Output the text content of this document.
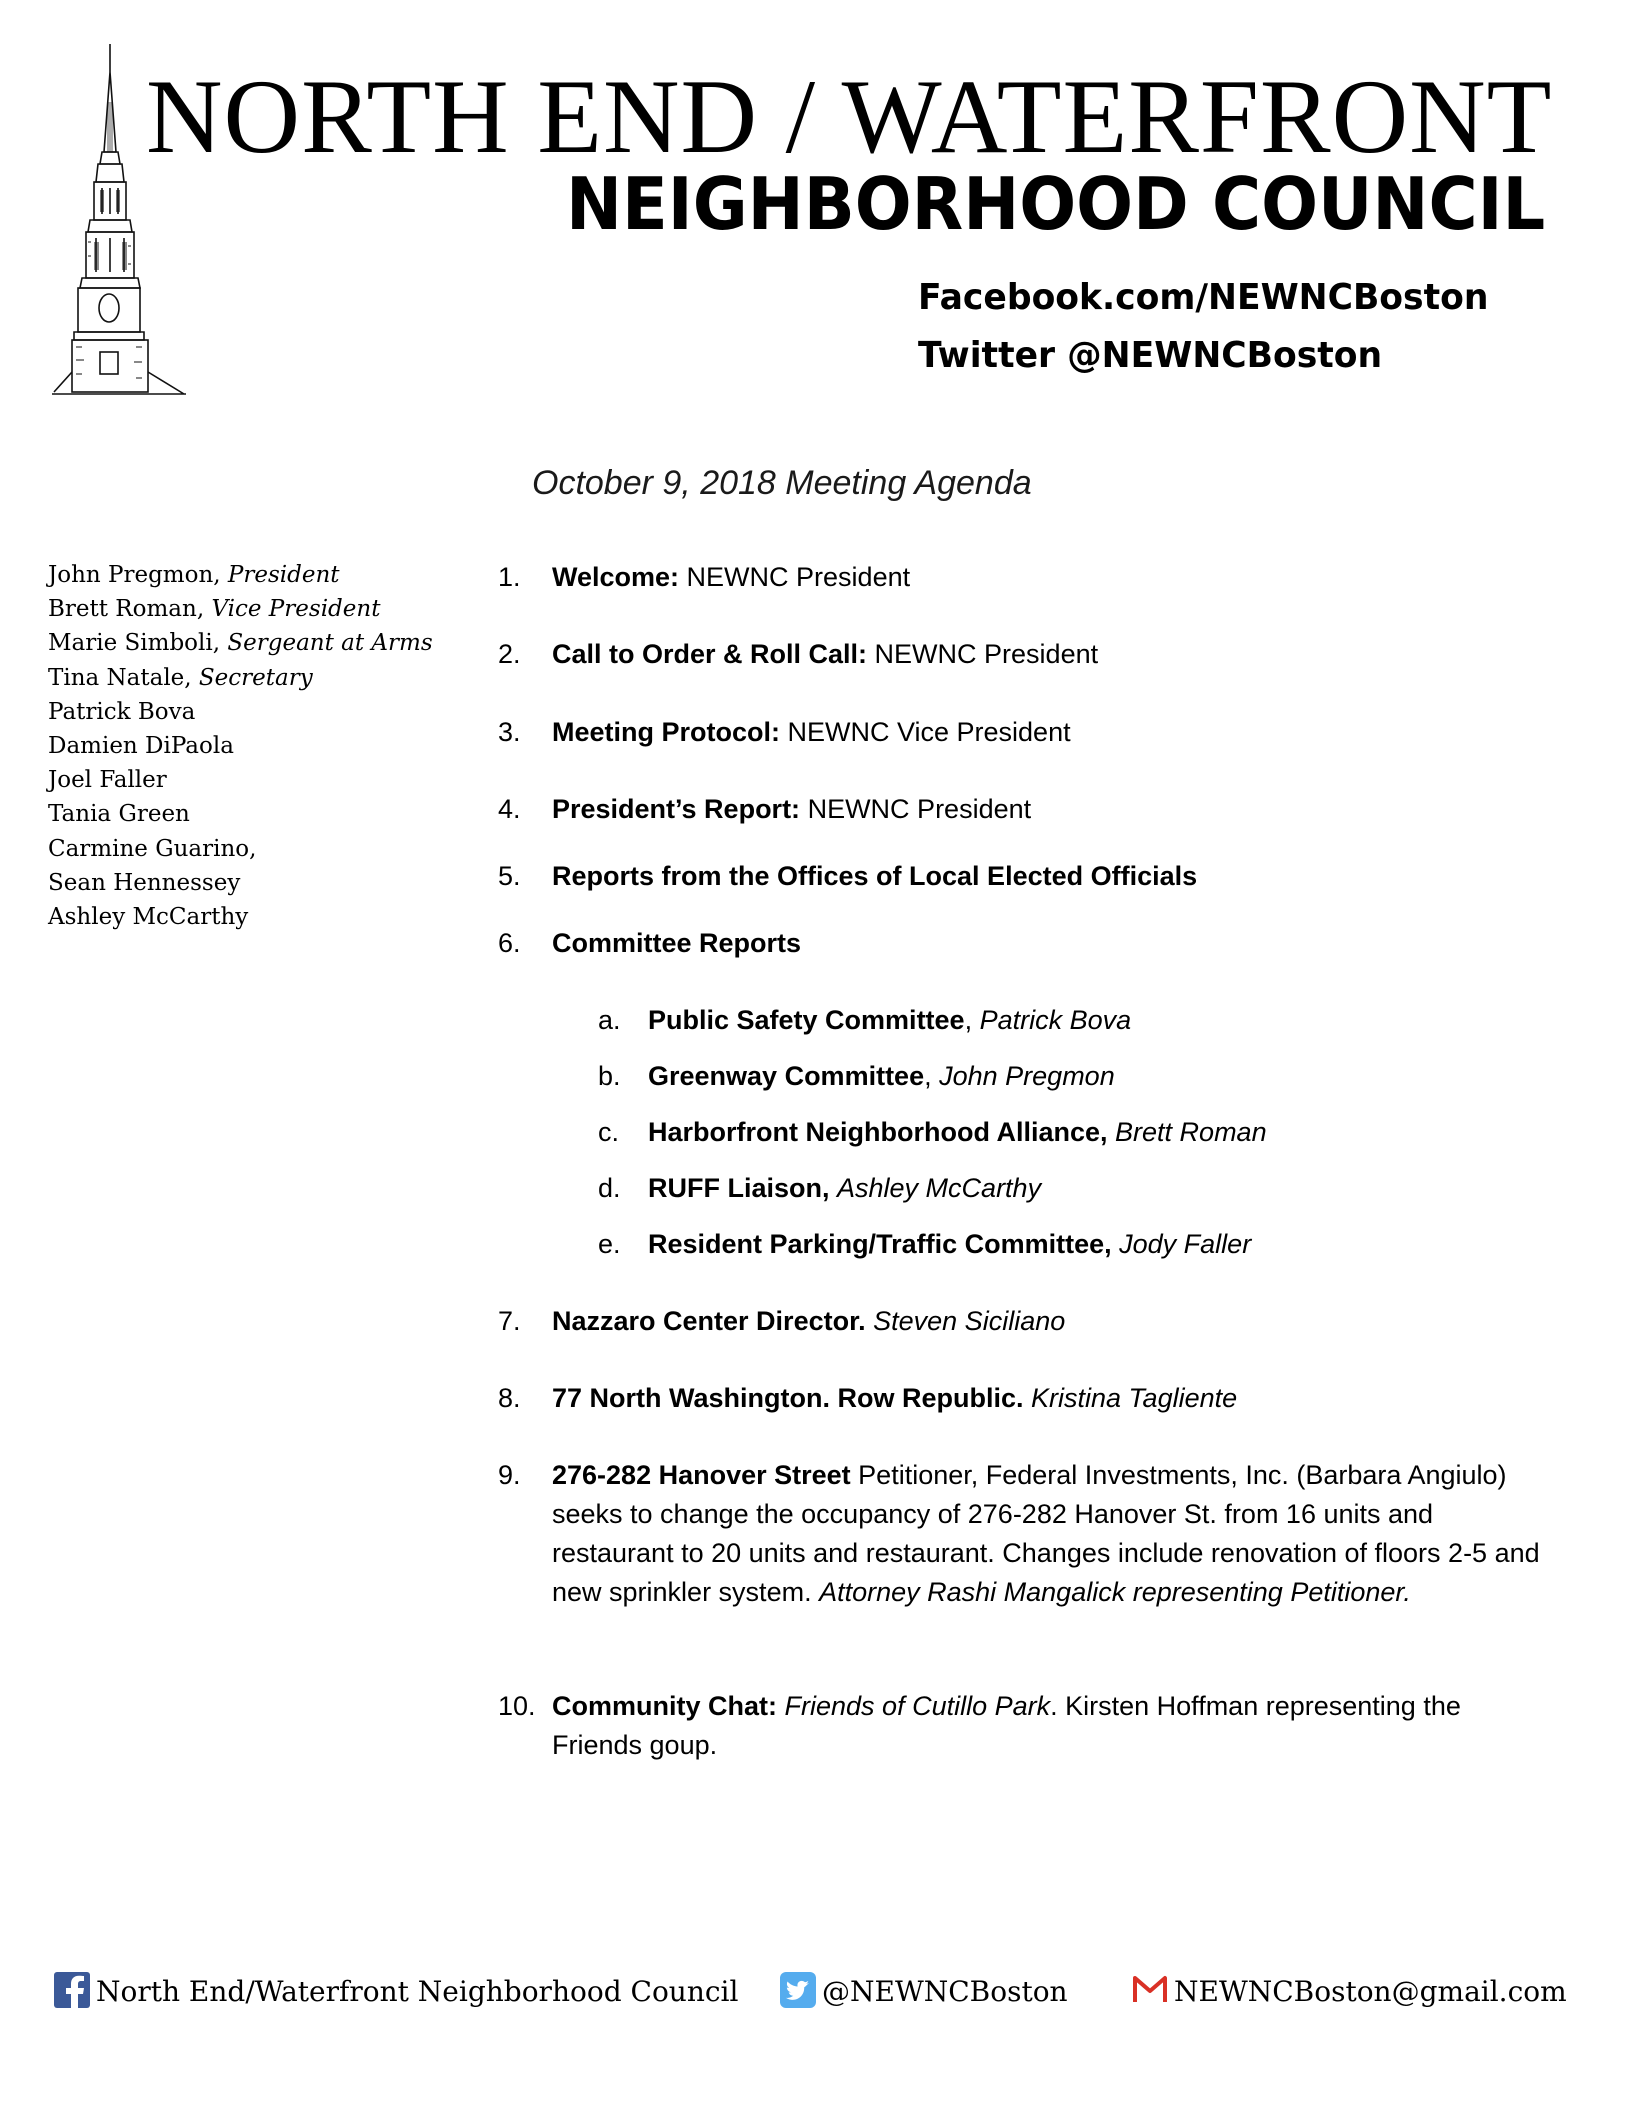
NORTH END / WATERFRONT
NEIGHBORHOOD COUNCIL
Facebook.com/NEWNCBoston
Twitter @NEWNCBoston
October 9, 2018 Meeting Agenda
John Pregmon, President
Brett Roman, Vice President
Marie Simboli, Sergeant at Arms
Tina Natale, Secretary
Patrick Bova
Damien DiPaola
Joel Faller
Tania Green
Carmine Guarino,
Sean Hennessey
Ashley McCarthy
1. Welcome: NEWNC President
2. Call to Order & Roll Call: NEWNC President
3. Meeting Protocol: NEWNC Vice President
4. President’s Report: NEWNC President
5. Reports from the Offices of Local Elected Officials
6. Committee Reports
a. Public Safety Committee, Patrick Bova
b. Greenway Committee, John Pregmon
c. Harborfront Neighborhood Alliance, Brett Roman
d. RUFF Liaison, Ashley McCarthy
e. Resident Parking/Traffic Committee, Jody Faller
7. Nazzaro Center Director. Steven Siciliano
8. 77 North Washington. Row Republic. Kristina Tagliente
9. 276-282 Hanover Street Petitioner, Federal Investments, Inc. (Barbara Angiulo) seeks to change the occupancy of 276-282 Hanover St. from 16 units and restaurant to 20 units and restaurant. Changes include renovation of floors 2-5 and new sprinkler system. Attorney Rashi Mangalick representing Petitioner.
10. Community Chat: Friends of Cutillo Park. Kirsten Hoffman representing the Friends goup.
North End/Waterfront Neighborhood Council	@NEWNCBoston	NEWNCBoston@gmail.com
